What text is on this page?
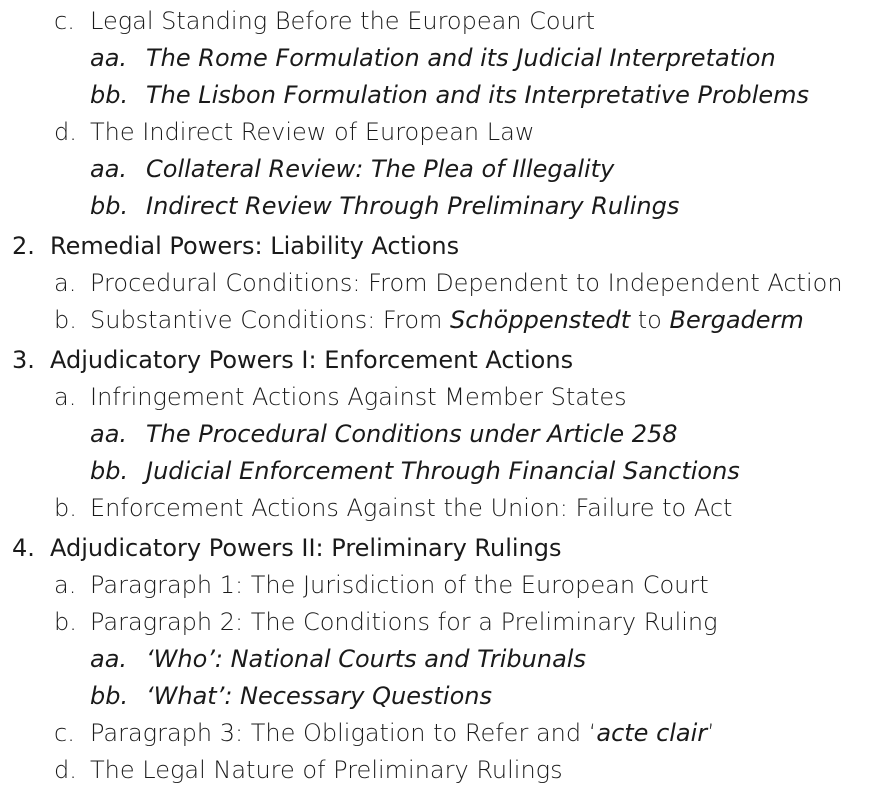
c. Legal Standing Before the European Court
aa. The Rome Formulation and its Judicial Interpretation
bb. The Lisbon Formulation and its Interpretative Problems
d. The Indirect Review of European Law
aa. Collateral Review: The Plea of Illegality
bb. Indirect Review Through Preliminary Rulings
2. Remedial Powers: Liability Actions
a. Procedural Conditions: From Dependent to Independent Action
b. Substantive Conditions: From Schöppenstedt to Bergaderm
3. Adjudicatory Powers I: Enforcement Actions
a. Infringement Actions Against Member States
aa. The Procedural Conditions under Article 258
bb. Judicial Enforcement Through Financial Sanctions
b. Enforcement Actions Against the Union: Failure to Act
4. Adjudicatory Powers II: Preliminary Rulings
a. Paragraph 1: The Jurisdiction of the European Court
b. Paragraph 2: The Conditions for a Preliminary Ruling
aa. ‘Who’: National Courts and Tribunals
bb. ‘What’: Necessary Questions
c. Paragraph 3: The Obligation to Refer and ‘acte clair’
d. The Legal Nature of Preliminary Rulings
